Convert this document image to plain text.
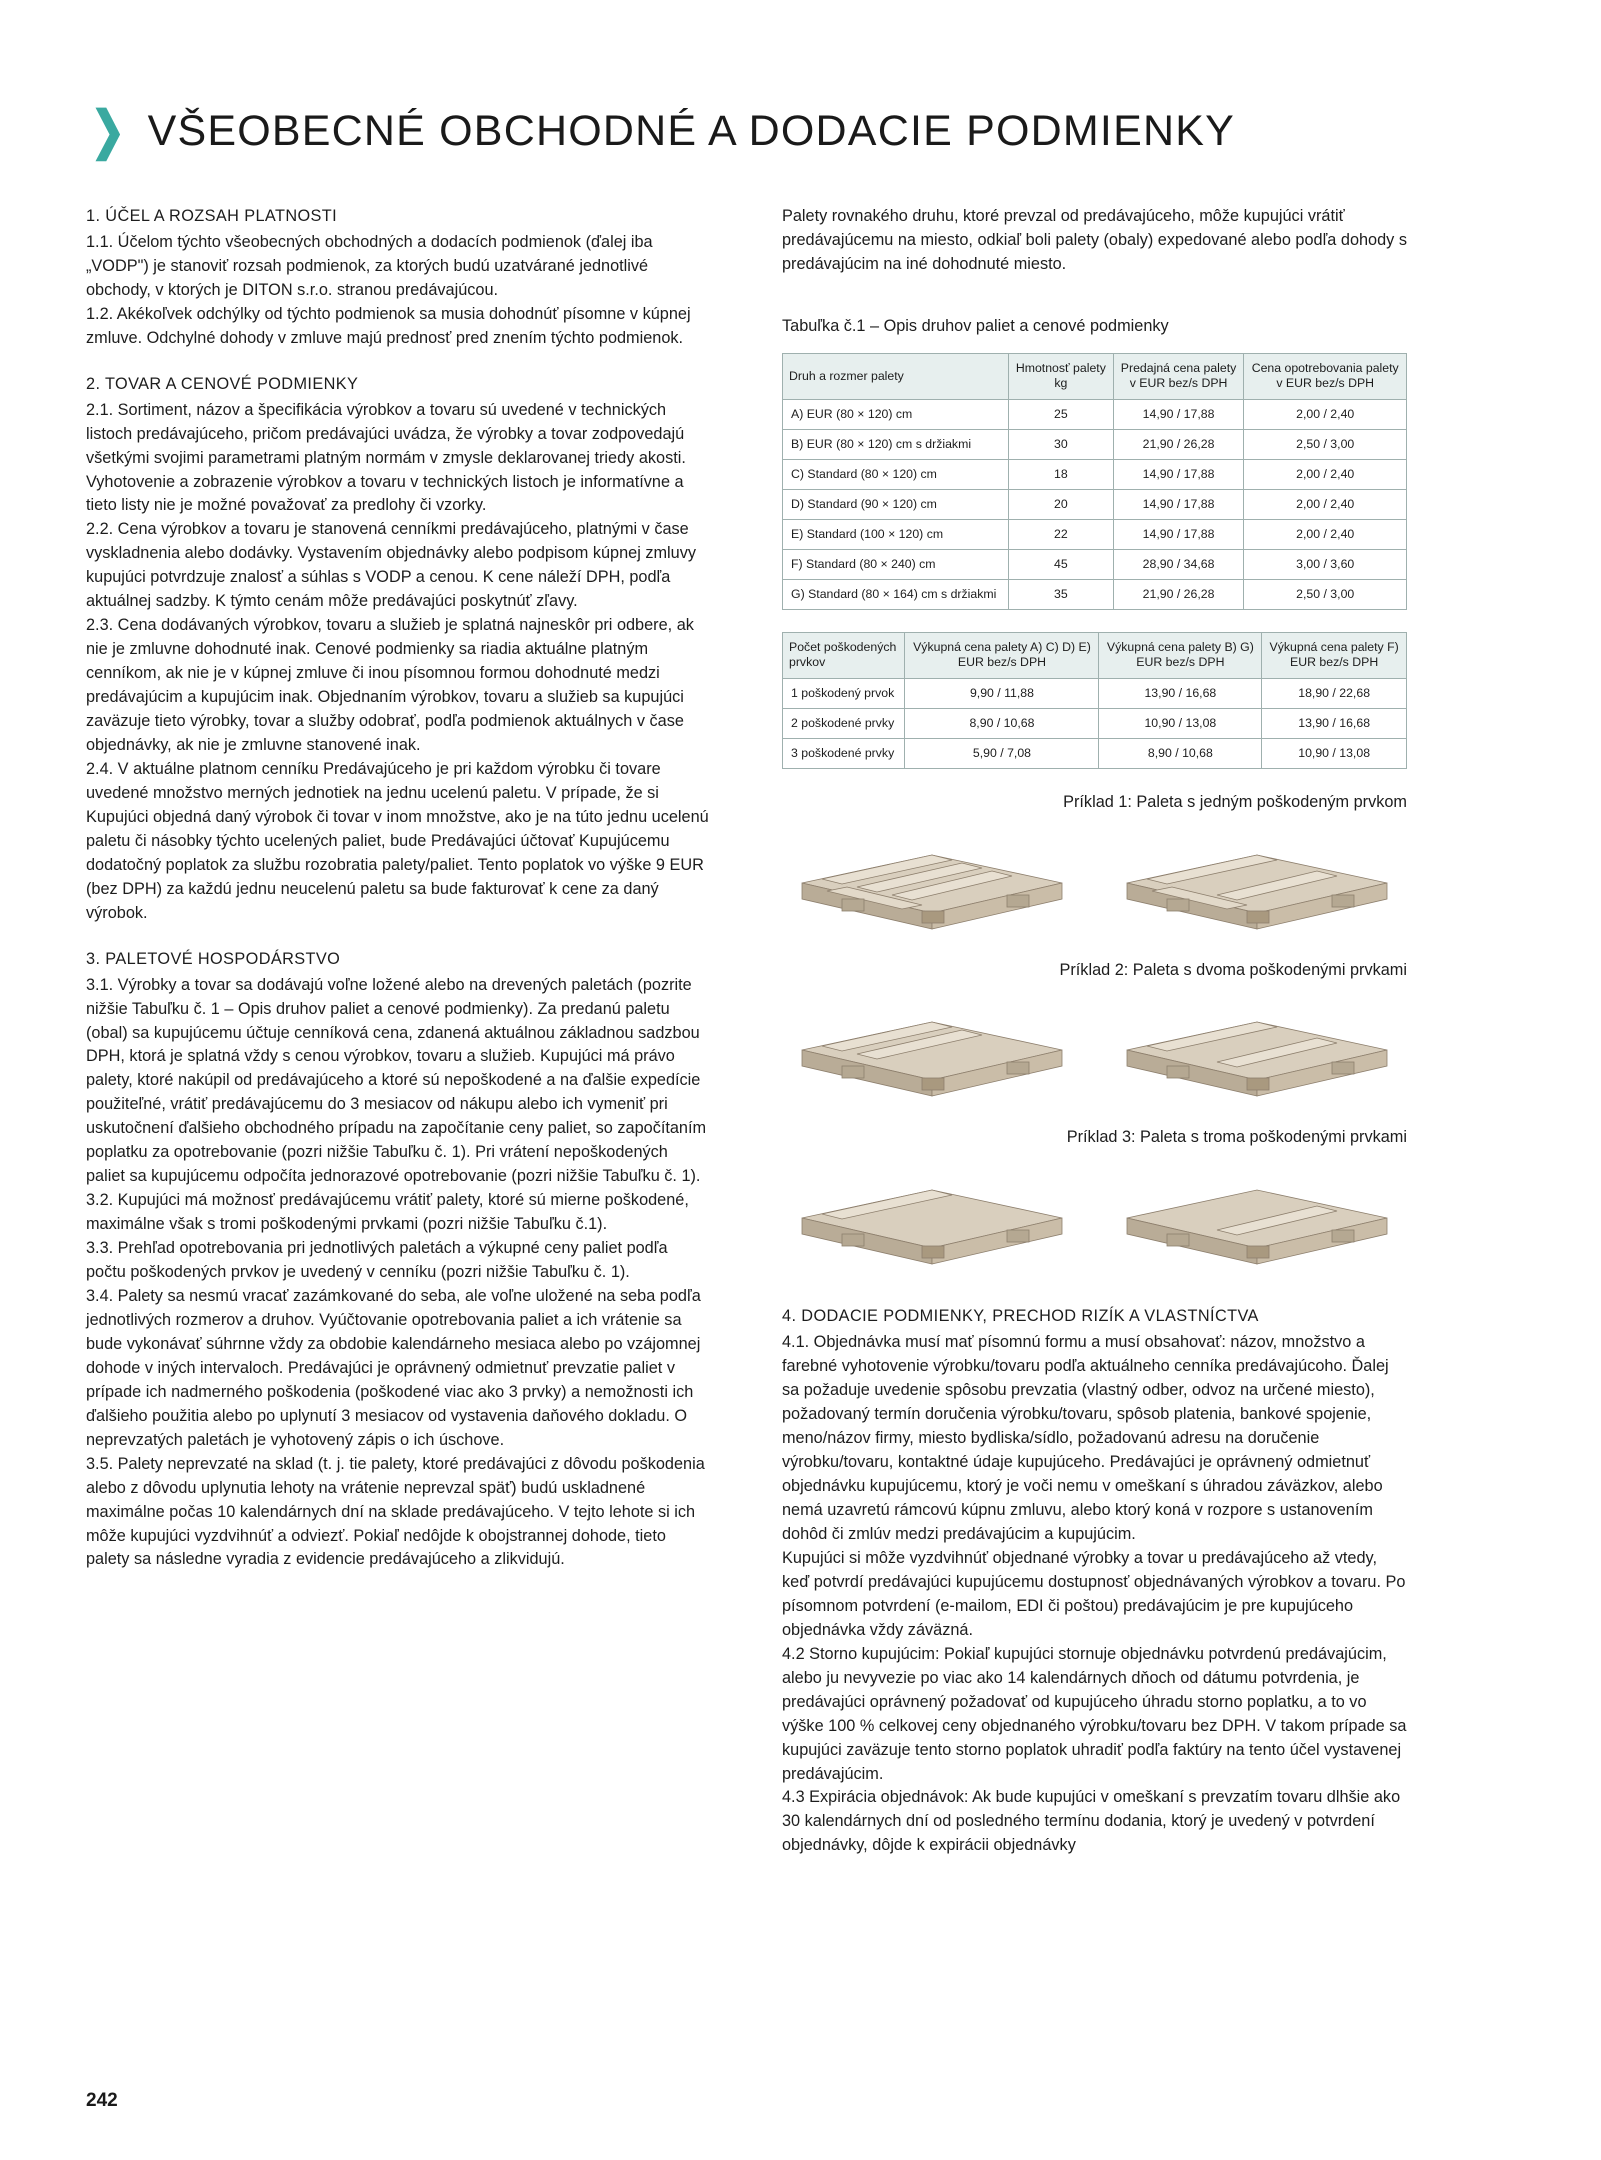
❯ VŠEOBECNÉ OBCHODNÉ A DODACIE PODMIENKY

1. ÚČEL A ROZSAH PLATNOSTI

1.1. Účelom týchto všeobecných obchodných a dodacích podmienok (ďalej iba „VODP") je stanoviť rozsah podmienok, za ktorých budú uzatvárané jednotlivé obchody, v ktorých je DITON s.r.o. stranou predávajúcou.

1.2. Akékoľvek odchýlky od týchto podmienok sa musia dohodnúť písomne v kúpnej zmluve. Odchylné dohody v zmluve majú prednosť pred znením týchto podmienok.

2. TOVAR A CENOVÉ PODMIENKY

2.1. Sortiment, názov a špecifikácia výrobkov a tovaru sú uvedené v technických listoch predávajúceho, pričom predávajúci uvádza, že výrobky a tovar zodpovedajú všetkými svojimi parametrami platným normám v zmysle deklarovanej triedy akosti. Vyhotovenie a zobrazenie výrobkov a tovaru v technických listoch je informatívne a tieto listy nie je možné považovať za predlohy či vzorky.

2.2. Cena výrobkov a tovaru je stanovená cenníkmi predávajúceho, platnými v čase vyskladnenia alebo dodávky. Vystavením objednávky alebo podpisom kúpnej zmluvy kupujúci potvrdzuje znalosť a súhlas s VODP a cenou. K cene náleží DPH, podľa aktuálnej sadzby. K týmto cenám môže predávajúci poskytnúť zľavy.

2.3. Cena dodávaných výrobkov, tovaru a služieb je splatná najneskôr pri odbere, ak nie je zmluvne dohodnuté inak. Cenové podmienky sa riadia aktuálne platným cenníkom, ak nie je v kúpnej zmluve či inou písomnou formou dohodnuté medzi predávajúcim a kupujúcim inak. Objednaním výrobkov, tovaru a služieb sa kupujúci zaväzuje tieto výrobky, tovar a služby odobrať, podľa podmienok aktuálnych v čase objednávky, ak nie je zmluvne stanovené inak.

2.4. V aktuálne platnom cenníku Predávajúceho je pri každom výrobku či tovare uvedené množstvo merných jednotiek na jednu ucelenú paletu. V prípade, že si Kupujúci objedná daný výrobok či tovar v inom množstve, ako je na túto jednu ucelenú paletu či násobky týchto ucelených paliet, bude Predávajúci účtovať Kupujúcemu dodatočný poplatok za službu rozobratia palety/paliet. Tento poplatok vo výške 9 EUR (bez DPH) za každú jednu neucelenú paletu sa bude fakturovať k cene za daný výrobok.

3. PALETOVÉ HOSPODÁRSTVO

3.1. Výrobky a tovar sa dodávajú voľne ložené alebo na drevených paletách (pozrite nižšie Tabuľku č. 1 – Opis druhov paliet a cenové podmienky). Za predanú paletu (obal) sa kupujúcemu účtuje cenníková cena, zdanená aktuálnou základnou sadzbou DPH, ktorá je splatná vždy s cenou výrobkov, tovaru a služieb. Kupujúci má právo palety, ktoré nakúpil od predávajúceho a ktoré sú nepoškodené a na ďalšie expedície použiteľné, vrátiť predávajúcemu do 3 mesiacov od nákupu alebo ich vymeniť pri uskutočnení ďalšieho obchodného prípadu na započítanie ceny paliet, so započítaním poplatku za opotrebovanie (pozri nižšie Tabuľku č. 1). Pri vrátení nepoškodených paliet sa kupujúcemu odpočíta jednorazové opotrebovanie (pozri nižšie Tabuľku č. 1).

3.2. Kupujúci má možnosť predávajúcemu vrátiť palety, ktoré sú mierne poškodené, maximálne však s tromi poškodenými prvkami (pozri nižšie Tabuľku č.1).

3.3. Prehľad opotrebovania pri jednotlivých paletách a výkupné ceny paliet podľa počtu poškodených prvkov je uvedený v cenníku (pozri nižšie Tabuľku č. 1).

3.4. Palety sa nesmú vracať zazámkované do seba, ale voľne uložené na seba podľa jednotlivých rozmerov a druhov. Vyúčtovanie opotrebovania paliet a ich vrátenie sa bude vykonávať súhrnne vždy za obdobie kalendárneho mesiaca alebo po vzájomnej dohode v iných intervaloch. Predávajúci je oprávnený odmietnuť prevzatie paliet v prípade ich nadmerného poškodenia (poškodené viac ako 3 prvky) a nemožnosti ich ďalšieho použitia alebo po uplynutí 3 mesiacov od vystavenia daňového dokladu. O neprevzatých paletách je vyhotovený zápis o ich úschove.

3.5. Palety neprevzaté na sklad (t. j. tie palety, ktoré predávajúci z dôvodu poškodenia alebo z dôvodu uplynutia lehoty na vrátenie neprevzal späť) budú uskladnené maximálne počas 10 kalendárnych dní na sklade predávajúceho. V tejto lehote si ich môže kupujúci vyzdvihnúť a odviezť. Pokiaľ nedôjde k obojstrannej dohode, tieto palety sa následne vyradia z evidencie predávajúceho a zlikvidujú.

Palety rovnakého druhu, ktoré prevzal od predávajúceho, môže kupujúci vrátiť predávajúcemu na miesto, odkiaľ boli palety (obaly) expedované alebo podľa dohody s predávajúcim na iné dohodnuté miesto.

Tabuľka č.1 – Opis druhov paliet a cenové podmienky

Druh a rozmer palety	Hmotnosť palety
kg	Predajná cena palety
v EUR bez/s DPH	Cena opotrebovania palety
v EUR bez/s DPH
A) EUR (80 × 120) cm	25	14,90 / 17,88	2,00 / 2,40
B) EUR (80 × 120) cm s držiakmi	30	21,90 / 26,28	2,50 / 3,00
C) Standard (80 × 120) cm	18	14,90 / 17,88	2,00 / 2,40
D) Standard (90 × 120) cm	20	14,90 / 17,88	2,00 / 2,40
E) Standard (100 × 120) cm	22	14,90 / 17,88	2,00 / 2,40
F) Standard (80 × 240) cm	45	28,90 / 34,68	3,00 / 3,60
G) Standard (80 × 164) cm s držiakmi	35	21,90 / 26,28	2,50 / 3,00
Počet poškodených
prvkov	Výkupná cena palety A) C) D) E)
EUR bez/s DPH	Výkupná cena palety B) G)
EUR bez/s DPH	Výkupná cena palety F)
EUR bez/s DPH
1 poškodený prvok	9,90 / 11,88	13,90 / 16,68	18,90 / 22,68
2 poškodené prvky	8,90 / 10,68	10,90 / 13,08	13,90 / 16,68
3 poškodené prvky	5,90 / 7,08	8,90 / 10,68	10,90 / 13,08

Príklad 1: Paleta s jedným poškodeným prvkom

Príklad 2: Paleta s dvoma poškodenými prvkami

Príklad 3: Paleta s troma poškodenými prvkami

4. DODACIE PODMIENKY, PRECHOD RIZÍK A VLASTNÍCTVA

4.1. Objednávka musí mať písomnú formu a musí obsahovať: názov, množstvo a farebné vyhotovenie výrobku/tovaru podľa aktuálneho cenníka predávajúcoho. Ďalej sa požaduje uvedenie spôsobu prevzatia (vlastný odber, odvoz na určené miesto), požadovaný termín doručenia výrobku/tovaru, spôsob platenia, bankové spojenie, meno/názov firmy, miesto bydliska/sídlo, požadovanú adresu na doručenie výrobku/tovaru, kontaktné údaje kupujúceho. Predávajúci je oprávnený odmietnuť objednávku kupujúcemu, ktorý je voči nemu v omeškaní s úhradou záväzkov, alebo nemá uzavretú rámcovú kúpnu zmluvu, alebo ktorý koná v rozpore s ustanovením dohôd či zmlúv medzi predávajúcim a kupujúcim.

Kupujúci si môže vyzdvihnúť objednané výrobky a tovar u predávajúceho až vtedy, keď potvrdí predávajúci kupujúcemu dostupnosť objednávaných výrobkov a tovaru. Po písomnom potvrdení (e-mailom, EDI či poštou) predávajúcim je pre kupujúceho objednávka vždy záväzná.

4.2 Storno kupujúcim: Pokiaľ kupujúci stornuje objednávku potvrdenú predávajúcim, alebo ju nevyvezie po viac ako 14 kalendárnych dňoch od dátumu potvrdenia, je predávajúci oprávnený požadovať od kupujúceho úhradu storno poplatku, a to vo výške 100 % celkovej ceny objednaného výrobku/tovaru bez DPH. V takom prípade sa kupujúci zaväzuje tento storno poplatok uhradiť podľa faktúry na tento účel vystavenej predávajúcim.

4.3 Expirácia objednávok: Ak bude kupujúci v omeškaní s prevzatím tovaru dlhšie ako 30 kalendárnych dní od posledného termínu dodania, ktorý je uvedený v potvrdení objednávky, dôjde k expirácii objednávky

242
